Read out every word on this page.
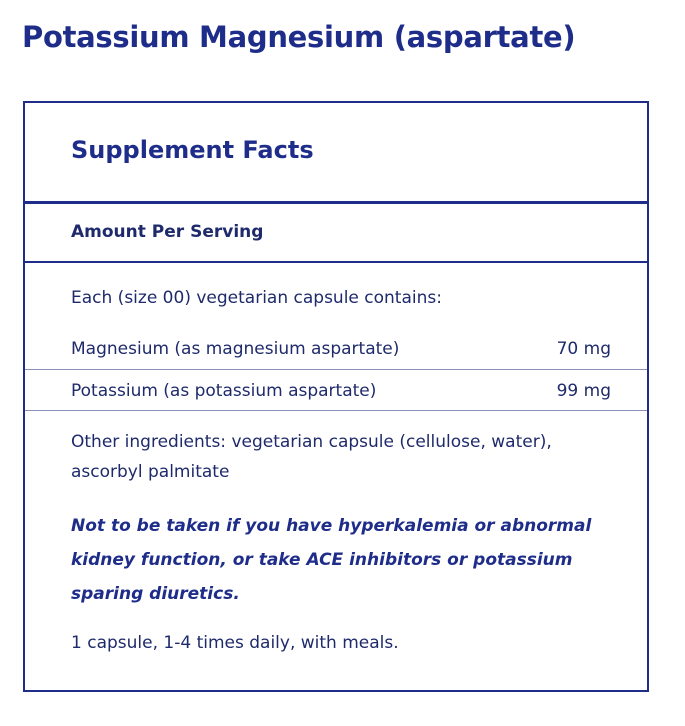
Potassium Magnesium (aspartate)
Supplement Facts
Amount Per Serving
Each (size 00) vegetarian capsule contains:
Magnesium (as magnesium aspartate)	70 mg
Potassium (as potassium aspartate)	99 mg
Other ingredients: vegetarian capsule (cellulose, water), ascorbyl palmitate
Not to be taken if you have hyperkalemia or abnormal kidney function, or take ACE inhibitors or potassium sparing diuretics.
1 capsule, 1-4 times daily, with meals.
